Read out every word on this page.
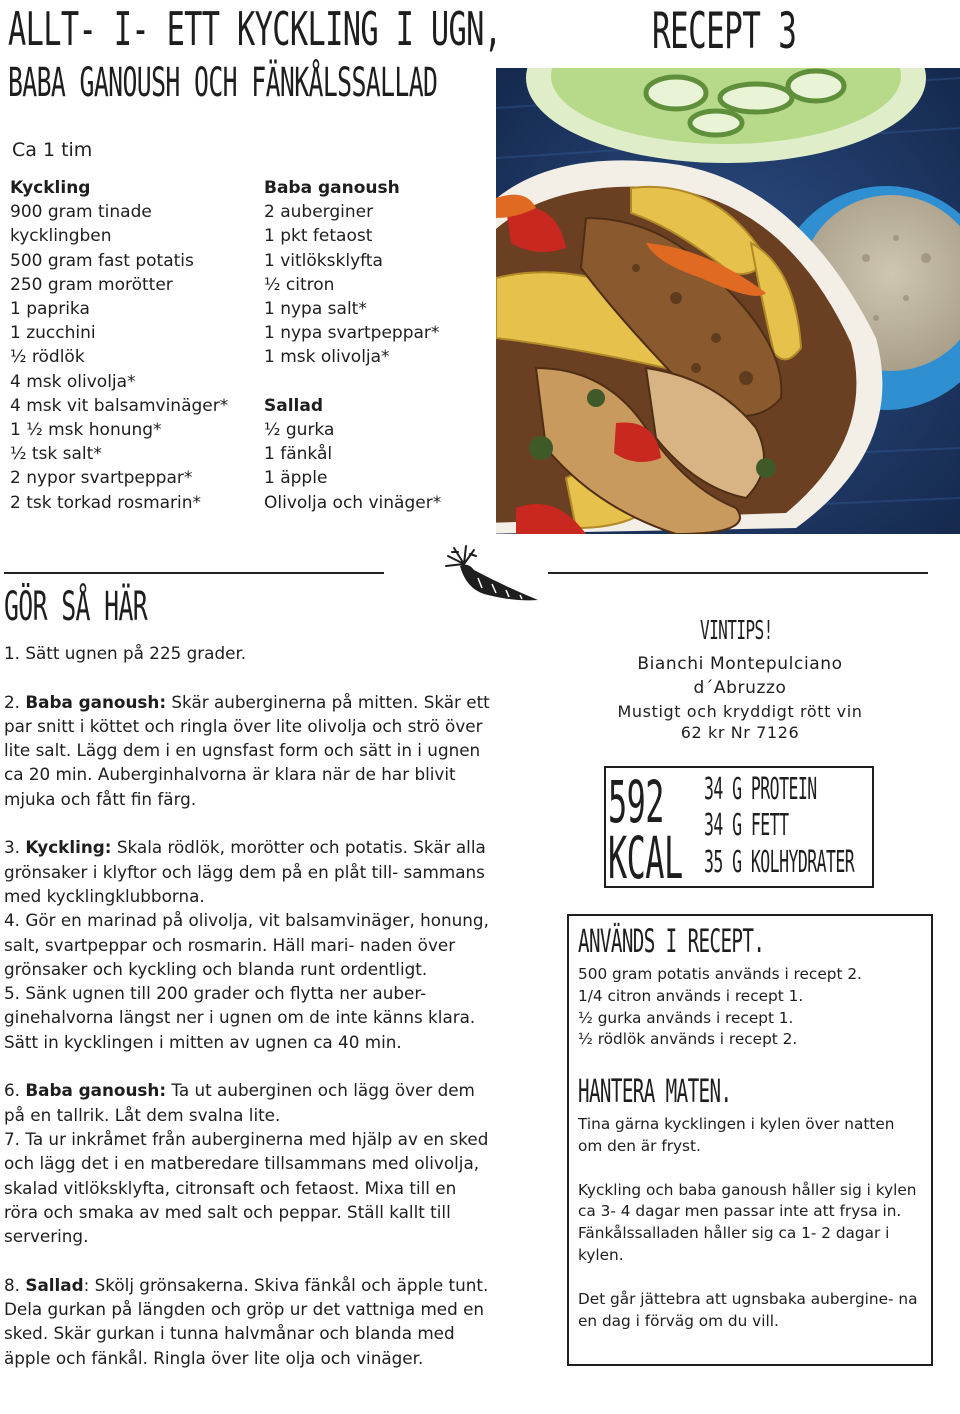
ALLT- I- ETT KYCKLING I UGN,
BABA GANOUSH OCH FÄNKÅLSSALLAD
RECEPT 3
Ca 1 tim
Kyckling
900 gram tinade
kycklingben
500 gram fast potatis
250 gram morötter
1 paprika
1 zucchini
½ rödlök
4 msk olivolja*
4 msk vit balsamvinäger*
1 ½ msk honung*
½ tsk salt*
2 nypor svartpeppar*
2 tsk torkad rosmarin*
Baba ganoush
2 auberginer
1 pkt fetaost
1 vitlöksklyfta
½ citron
1 nypa salt*
1 nypa svartpeppar*
1 msk olivolja*
Sallad
½ gurka
1 fänkål
1 äpple
Olivolja och vinäger*
GÖR SÅ HÄR

1. Sätt ugnen på 225 grader.

2. Baba ganoush: Skär auberginerna på mitten. Skär ett par snitt i köttet och ringla över lite olivolja och strö över lite salt. Lägg dem i en ugnsfast form och sätt in i ugnen ca 20 min. Auberginhalvorna är klara när de har blivit mjuka och fått fin färg.

3. Kyckling: Skala rödlök, morötter och potatis. Skär alla grönsaker i klyftor och lägg dem på en plåt till- sammans med kycklingklubborna.

4. Gör en marinad på olivolja, vit balsamvinäger, honung, salt, svartpeppar och rosmarin. Häll mari- naden över grönsaker och kyckling och blanda runt ordentligt.

5. Sänk ugnen till 200 grader och flytta ner auber- ginehalvorna längst ner i ugnen om de inte känns klara. Sätt in kycklingen i mitten av ugnen ca 40 min.

6. Baba ganoush: Ta ut auberginen och lägg över dem på en tallrik. Låt dem svalna lite.

7. Ta ur inkråmet från auberginerna med hjälp av en sked och lägg det i en matberedare tillsammans med olivolja, skalad vitlöksklyfta, citronsaft och fetaost. Mixa till en röra och smaka av med salt och peppar. Ställ kallt till servering.

8. Sallad: Skölj grönsakerna. Skiva fänkål och äpple tunt. Dela gurkan på längden och gröp ur det vattniga med en sked. Skär gurkan i tunna halvmånar och blanda med äpple och fänkål. Ringla över lite olja och vinäger.

VINTIPS!
Bianchi Montepulciano
d´Abruzzo
Mustigt och kryddigt rött vin
62 kr Nr 7126
592
KCAL
34 G PROTEIN
34 G FETT
35 G KOLHYDRATER
ANVÄNDS I RECEPT.
500 gram potatis används i recept 2.
1/4 citron används i recept 1.
½ gurka används i recept 1.
½ rödlök används i recept 2.
HANTERA MATEN.

Tina gärna kycklingen i kylen över natten om den är fryst.

Kyckling och baba ganoush håller sig i kylen ca 3- 4 dagar men passar inte att frysa in.

Fänkålssalladen håller sig ca 1- 2 dagar i kylen.

Det går jättebra att ugnsbaka aubergine- na en dag i förväg om du vill.
